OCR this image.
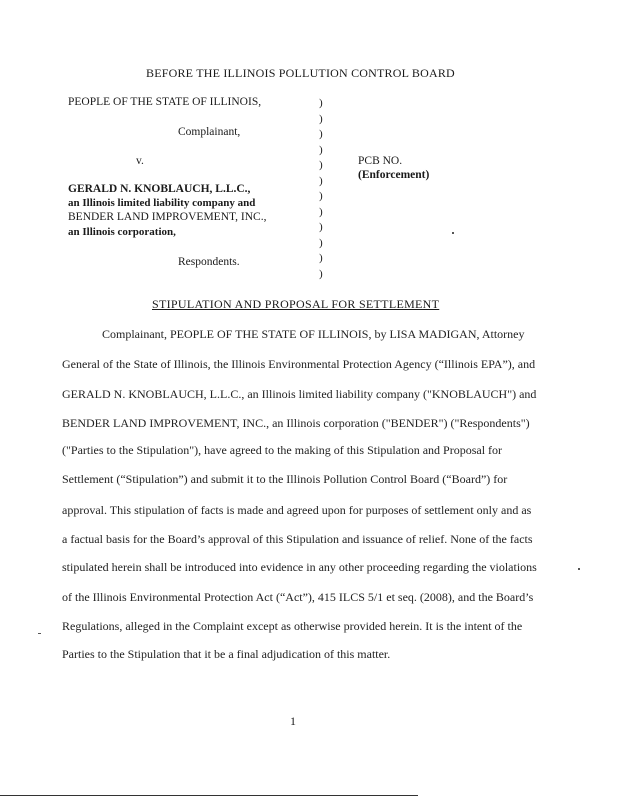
BEFORE THE ILLINOIS POLLUTION CONTROL BOARD
PEOPLE OF THE STATE OF ILLINOIS,
Complainant,
v.
GERALD N. KNOBLAUCH, L.L.C.,
an Illinois limited liability company and
BENDER LAND IMPROVEMENT, INC.,
an Illinois corporation,
Respondents.
)
)
)
)
)
)
)
)
)
)
)
)
PCB NO.
(Enforcement)
STIPULATION AND PROPOSAL FOR SETTLEMENT
Complainant, PEOPLE OF THE STATE OF ILLINOIS, by LISA MADIGAN, Attorney
General of the State of Illinois, the Illinois Environmental Protection Agency (“Illinois EPA”), and
GERALD N. KNOBLAUCH, L.L.C., an Illinois limited liability company ("KNOBLAUCH") and
BENDER LAND IMPROVEMENT, INC., an Illinois corporation ("BENDER") ("Respondents")
("Parties to the Stipulation"), have agreed to the making of this Stipulation and Proposal for
Settlement (“Stipulation”) and submit it to the Illinois Pollution Control Board (“Board”) for
approval. This stipulation of facts is made and agreed upon for purposes of settlement only and as
a factual basis for the Board’s approval of this Stipulation and issuance of relief. None of the facts
stipulated herein shall be introduced into evidence in any other proceeding regarding the violations
of the Illinois Environmental Protection Act (“Act”), 415 ILCS 5/1 et seq. (2008), and the Board’s
Regulations, alleged in the Complaint except as otherwise provided herein. It is the intent of the
Parties to the Stipulation that it be a final adjudication of this matter.
1
